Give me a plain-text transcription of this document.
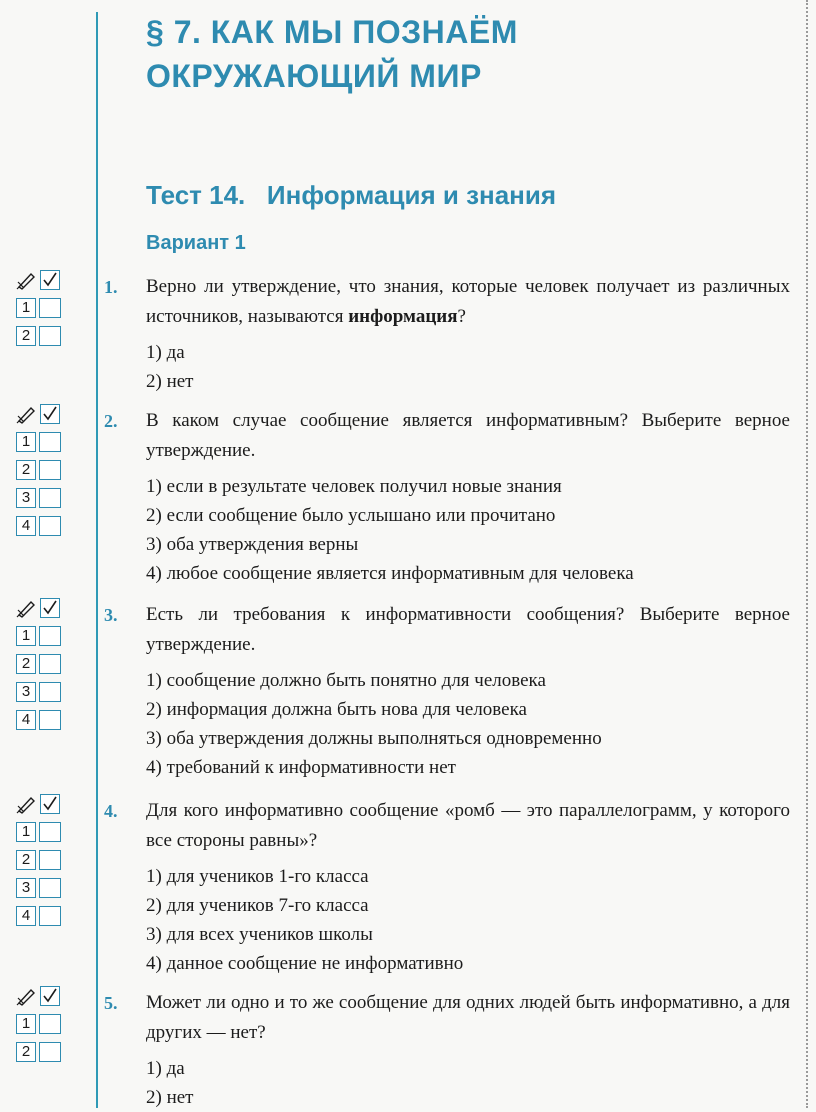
§ 7. КАК МЫ ПОЗНАЁМ
ОКРУЖАЮЩИЙ МИР
Тест 14.   Информация и знания
Вариант 1
1
2
1.	Верно ли утверждение, что знания, которые человек получает из различных источников, называются информация?
1) да
2) нет
1
2
3
4
2.	В каком случае сообщение является информативным? Выберите верное утверждение.
1) если в результате человек получил новые знания
2) если сообщение было услышано или прочитано
3) оба утверждения верны
4) любое сообщение является информативным для человека
1
2
3
4
3.	Есть ли требования к информативности сообщения? Выберите верное утверждение.
1) сообщение должно быть понятно для человека
2) информация должна быть нова для человека
3) оба утверждения должны выполняться одновременно
4) требований к информативности нет
1
2
3
4
4.	Для кого информативно сообщение «ромб — это параллелограмм, у которого все стороны равны»?
1) для учеников 1-го класса
2) для учеников 7-го класса
3) для всех учеников школы
4) данное сообщение не информативно
1
2
5.	Может ли одно и то же сообщение для одних людей быть информативно, а для других — нет?
1) да
2) нет
